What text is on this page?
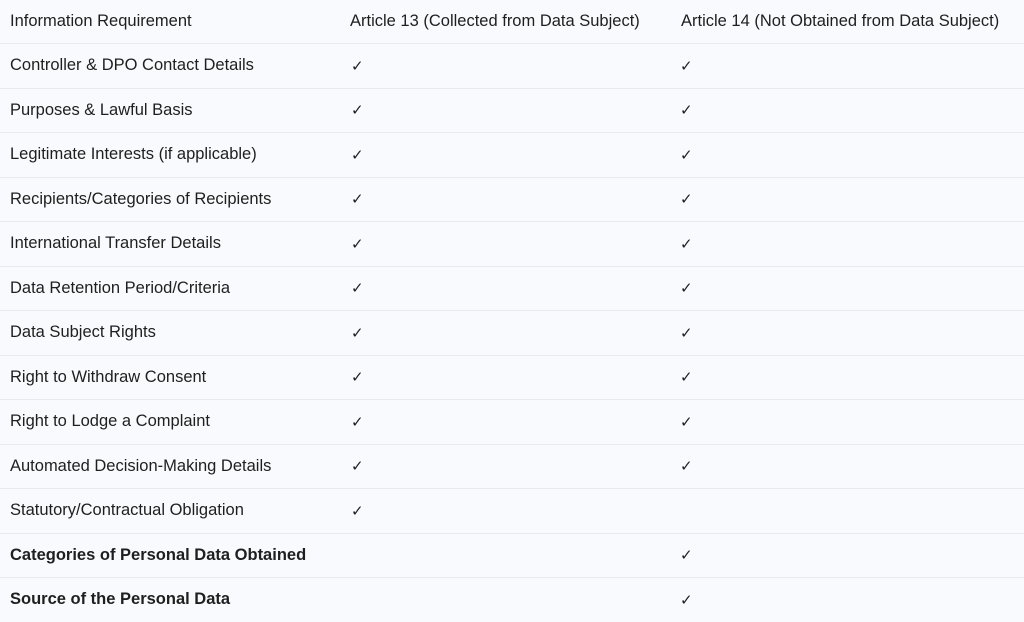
Information Requirement	Article 13 (Collected from Data Subject)	Article 14 (Not Obtained from Data Subject)
Controller & DPO Contact Details	✓	✓
Purposes & Lawful Basis	✓	✓
Legitimate Interests (if applicable)	✓	✓
Recipients/Categories of Recipients	✓	✓
International Transfer Details	✓	✓
Data Retention Period/Criteria	✓	✓
Data Subject Rights	✓	✓
Right to Withdraw Consent	✓	✓
Right to Lodge a Complaint	✓	✓
Automated Decision-Making Details	✓	✓
Statutory/Contractual Obligation	✓	
Categories of Personal Data Obtained		✓
Source of the Personal Data		✓
